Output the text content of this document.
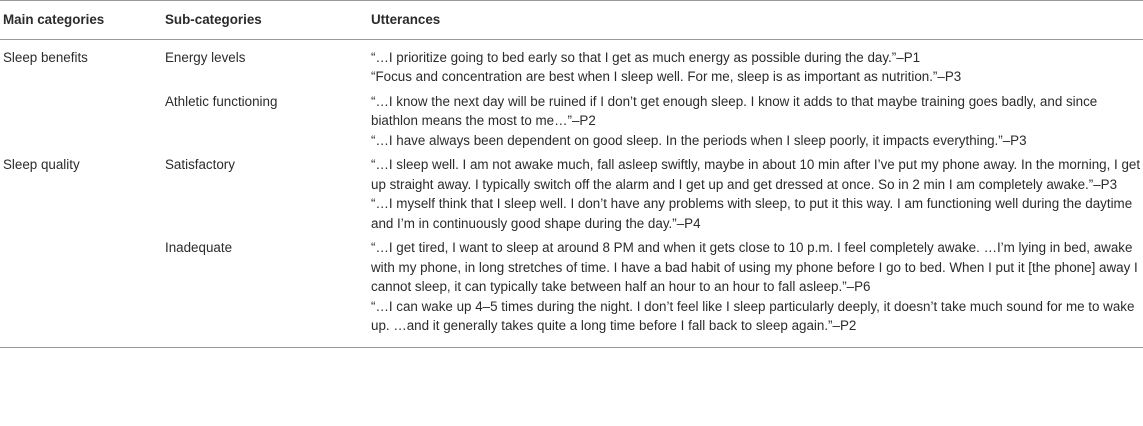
Main categories	Sub-categories	Utterances
Sleep benefits	Energy levels	“…I prioritize going to bed early so that I get as much energy as possible during the day.”–P1
“Focus and concentration are best when I sleep well. For me, sleep is as important as nutrition.”–P3

	Athletic functioning	“…I know the next day will be ruined if I don’t get enough sleep. I know it adds to that maybe training goes badly, and since biathlon means the most to me…”–P2
“…I have always been dependent on good sleep. In the periods when I sleep poorly, it impacts everything.”–P3

Sleep quality	Satisfactory	“…I sleep well. I am not awake much, fall asleep swiftly, maybe in about 10 min after I’ve put my phone away. In the morning, I get up straight away. I typically switch off the alarm and I get up and get dressed at once. So in 2 min I am completely awake.”–P3
“…I myself think that I sleep well. I don’t have any problems with sleep, to put it this way. I am functioning well during the daytime and I’m in continuously good shape during the day.”–P4

	Inadequate	“…I get tired, I want to sleep at around 8 PM and when it gets close to 10 p.m. I feel completely awake. …I’m lying in bed, awake with my phone, in long stretches of time. I have a bad habit of using my phone before I go to bed. When I put it [the phone] away I cannot sleep, it can typically take between half an hour to an hour to fall asleep.”–P6
“…I can wake up 4–5 times during the night. I don’t feel like I sleep particularly deeply, it doesn’t take much sound for me to wake up. …and it generally takes quite a long time before I fall back to sleep again.”–P2
